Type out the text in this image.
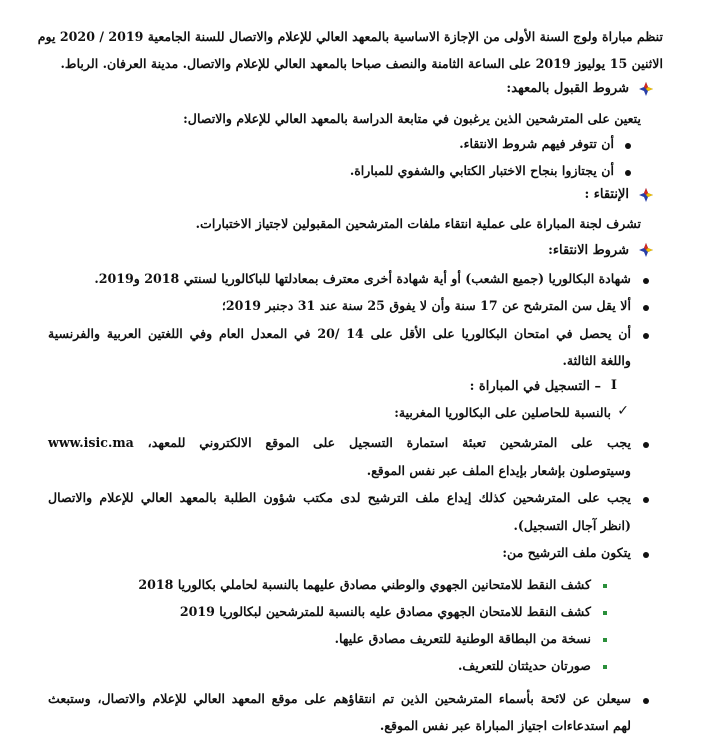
تنظم مباراة ولوج السنة الأولى من الإجازة الاساسية بالمعهد العالي للإعلام والاتصال للسنة الجامعية 2019 / 2020 يوم
الاثنين 15 يوليوز 2019 على الساعة الثامنة والنصف صباحا بالمعهد العالي للإعلام والاتصال. مدينة العرفان. الرباط.
شروط القبول بالمعهد:
يتعين على المترشحين الذين يرغبون في متابعة الدراسة بالمعهد العالي للإعلام والاتصال:
أن تتوفر فيهم شروط الانتقاء.
أن يجتازوا بنجاح الاختبار الكتابي والشفوي للمباراة.
الإنتقاء :
تشرف لجنة المباراة على عملية انتقاء ملفات المترشحين المقبولين لاجتياز الاختبارات.
شروط الانتقاء:
شهادة البكالوريا (جميع الشعب) أو أية شهادة أخرى معترف بمعادلتها للباكالوريا لسنتي 2018 و2019.
ألا يقل سن المترشح عن 17 سنة وأن لا يفوق 25 سنة عند 31 دجنبر 2019؛
أن يحصل في امتحان البكالوريا على الأقل على 14 /20 في المعدل العام وفي اللغتين العربية والفرنسية
واللغة الثالثة.
I
– التسجيل في المباراة :
✓
بالنسبة للحاصلين على البكالوريا المغربية:
يجب على المترشحين تعبئة استمارة التسجيل على الموقع الالكتروني للمعهد، www.isic.ma
وسيتوصلون بإشعار بإيداع الملف عبر نفس الموقع.
يجب على المترشحين كذلك إيداع ملف الترشيح لدى مكتب شؤون الطلبة بالمعهد العالي للإعلام والاتصال
(انظر آجال التسجيل).
يتكون ملف الترشيح من:
كشف النقط للامتحانين الجهوي والوطني مصادق عليهما بالنسبة لحاملي بكالوريا 2018
كشف النقط للامتحان الجهوي مصادق عليه بالنسبة للمترشحين لبكالوريا 2019
نسخة من البطاقة الوطنية للتعريف مصادق عليها.
صورتان حديثتان للتعريف.
سيعلن عن لائحة بأسماء المترشحين الذين تم انتقاؤهم على موقع المعهد العالي للإعلام والاتصال، وستبعث
لهم استدعاءات اجتياز المباراة عبر نفس الموقع.
